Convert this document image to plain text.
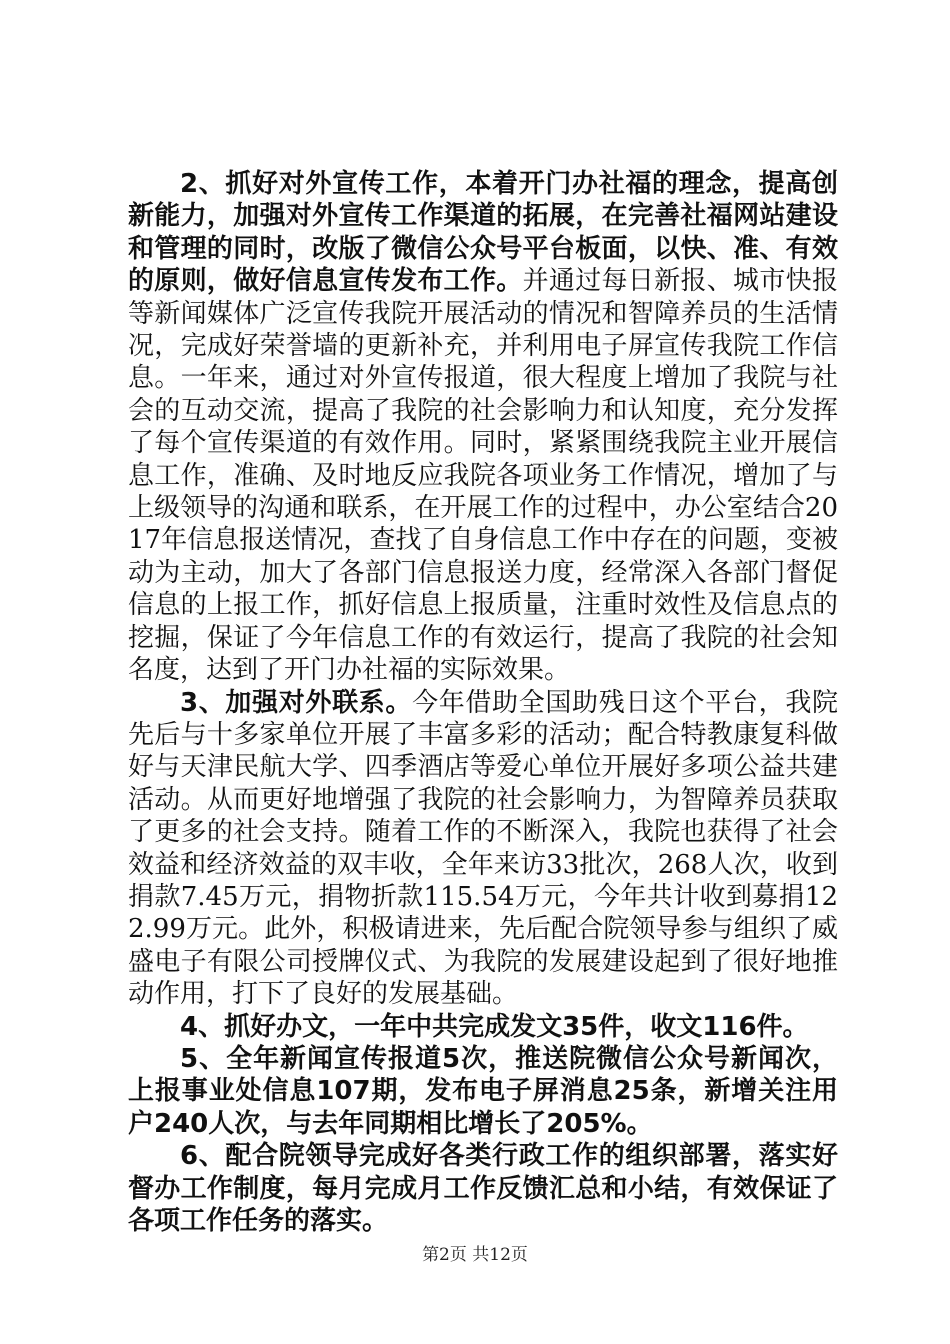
2、抓好对外宣传工作，本着开门办社福的理念，提高创新能力，加强对外宣传工作渠道的拓展，在完善社福网站建设和管理的同时，改版了微信公众号平台板面，以快、准、有效的原则，做好信息宣传发布工作。并通过每日新报、城市快报等新闻媒体广泛宣传我院开展活动的情况和智障养员的生活情况，完成好荣誉墙的更新补充，并利用电子屏宣传我院工作信息。一年来，通过对外宣传报道，很大程度上增加了我院与社会的互动交流，提高了我院的社会影响力和认知度，充分发挥了每个宣传渠道的有效作用。同时，紧紧围绕我院主业开展信息工作，准确、及时地反应我院各项业务工作情况，增加了与上级领导的沟通和联系，在开展工作的过程中，办公室结合2017年信息报送情况，查找了自身信息工作中存在的问题，变被动为主动，加大了各部门信息报送力度，经常深入各部门督促信息的上报工作，抓好信息上报质量，注重时效性及信息点的挖掘，保证了今年信息工作的有效运行，提高了我院的社会知名度，达到了开门办社福的实际效果。

3、加强对外联系。今年借助全国助残日这个平台，我院先后与十多家单位开展了丰富多彩的活动；配合特教康复科做好与天津民航大学、四季酒店等爱心单位开展好多项公益共建活动。从而更好地增强了我院的社会影响力，为智障养员获取了更多的社会支持。随着工作的不断深入，我院也获得了社会效益和经济效益的双丰收，全年来访33批次，268人次，收到捐款7.45万元，捐物折款115.54万元，今年共计收到募捐122.99万元。此外，积极请进来，先后配合院领导参与组织了威盛电子有限公司授牌仪式、为我院的发展建设起到了很好地推动作用，打下了良好的发展基础。

4、抓好办文，一年中共完成发文35件，收文116件。

5、全年新闻宣传报道5次，推送院微信公众号新闻次，上报事业处信息107期，发布电子屏消息25条，新增关注用户240人次，与去年同期相比增长了205%。

6、配合院领导完成好各类行政工作的组织部署，落实好督办工作制度，每月完成月工作反馈汇总和小结，有效保证了各项工作任务的落实。

第2页 共12页
